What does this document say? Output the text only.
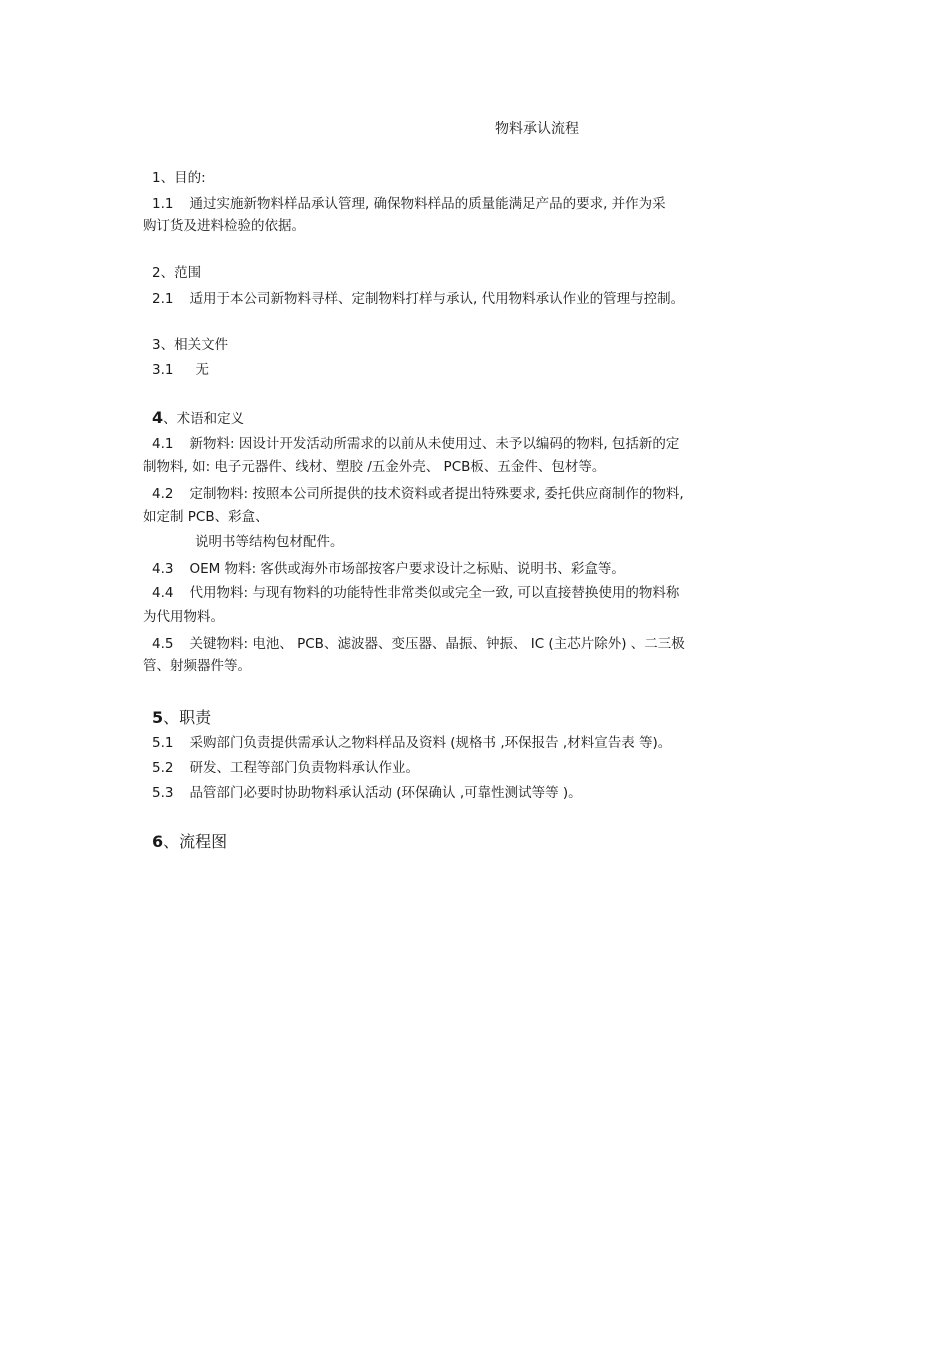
物料承认流程
1、目的:
1.1 通过实施新物料样品承认管理, 确保物料样品的质量能满足产品的要求, 并作为采
购订货及进料检验的依据。
2、范围
2.1 适用于本公司新物料寻样、定制物料打样与承认, 代用物料承认作业的管理与控制。
3、相关文件
3.1 无
4、术语和定义
4.1 新物料: 因设计开发活动所需求的以前从未使用过、未予以编码的物料, 包括新的定
制物料, 如: 电子元器件、线材、塑胶 /五金外壳、 PCB板、五金件、包材等。
4.2 定制物料: 按照本公司所提供的技术资料或者提出特殊要求, 委托供应商制作的物料,
如定制 PCB、彩盒、
说明书等结构包材配件。
4.3 OEM 物料: 客供或海外市场部按客户要求设计之标贴、说明书、彩盒等。
4.4 代用物料: 与现有物料的功能特性非常类似或完全一致, 可以直接替换使用的物料称
为代用物料。
4.5 关键物料: 电池、 PCB、滤波器、变压器、晶振、钟振、 IC (主芯片除外) 、二三极
管、射频器件等。
5、职责
5.1 采购部门负责提供需承认之物料样品及资料 (规格书 ,环保报告 ,材料宣告表 等)。
5.2 研发、工程等部门负责物料承认作业。
5.3 品管部门必要时协助物料承认活动 (环保确认 ,可靠性测试等等 )。
6、流程图
